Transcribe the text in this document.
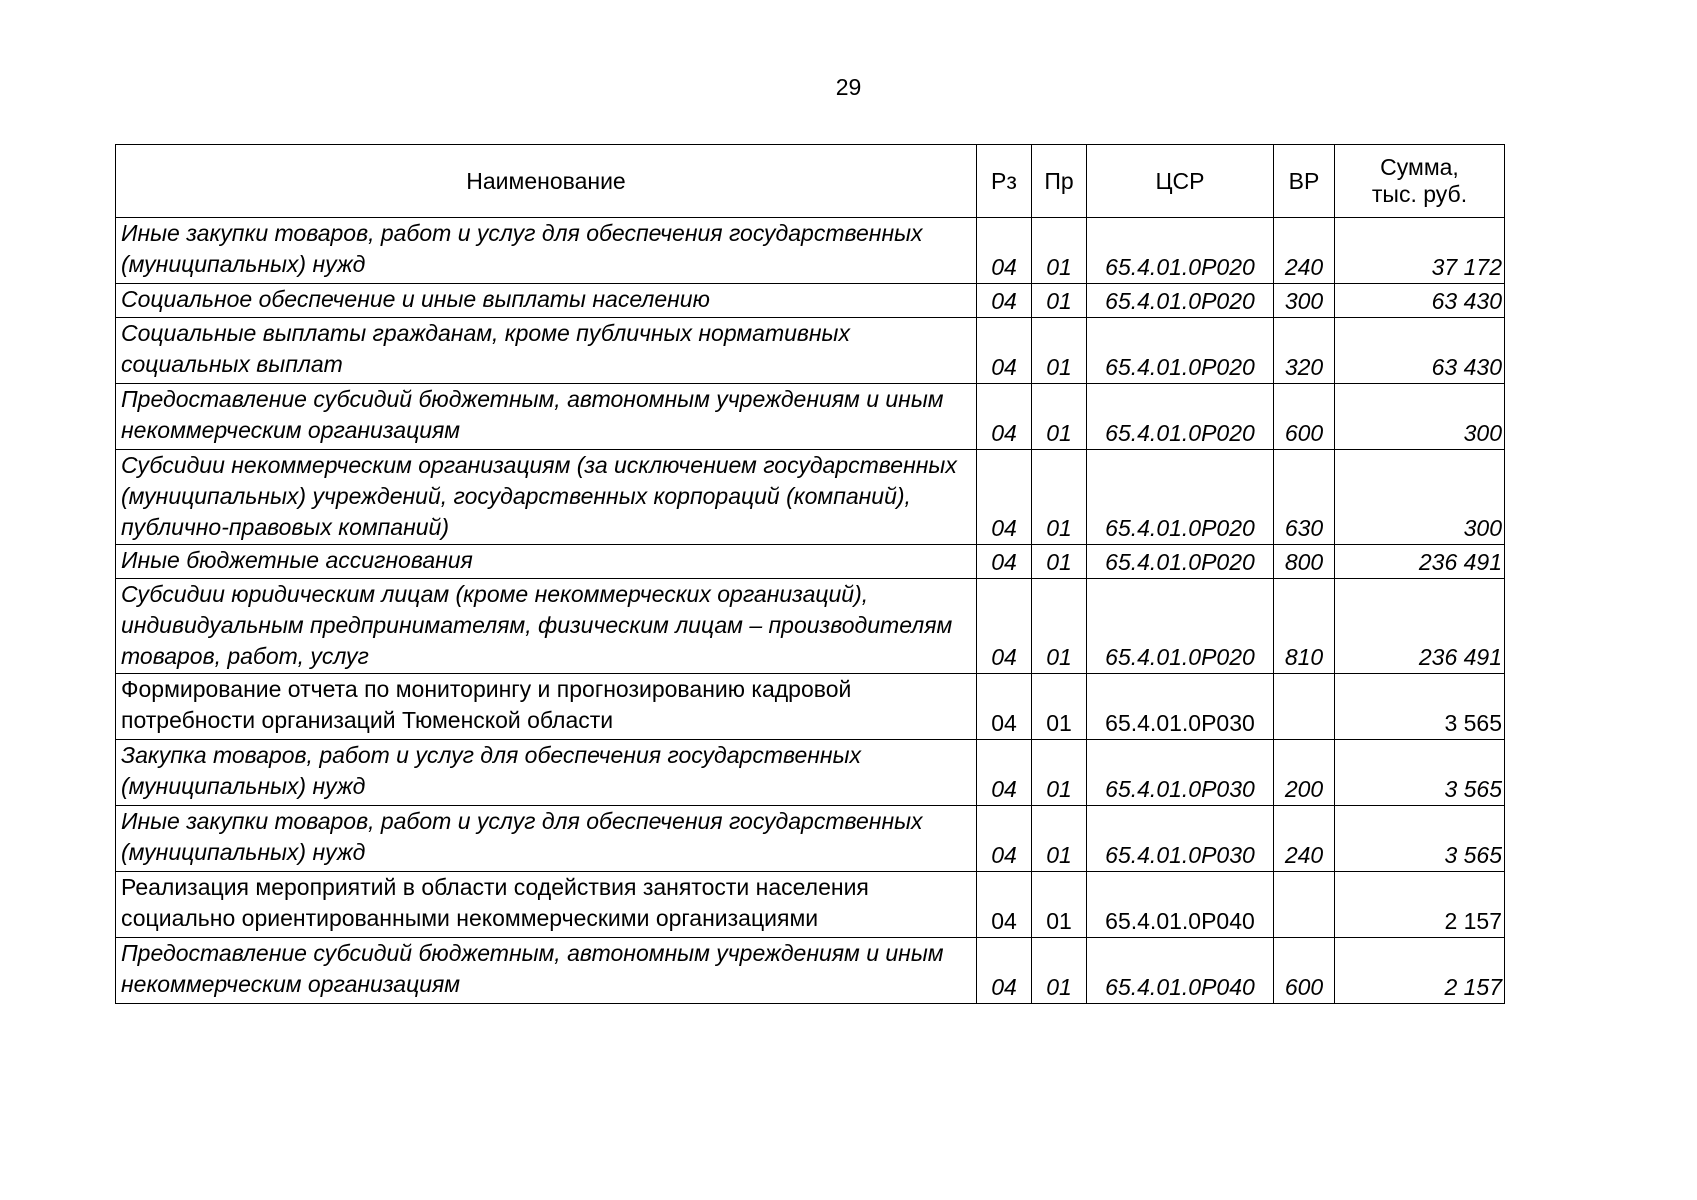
29
Наименование	Рз	Пр	ЦСР	ВР	Сумма,
тыс. руб.
Иные закупки товаров, работ и услуг для обеспечения государственных (муниципальных) нужд	04	01	65.4.01.0Р020	240	37 172
Социальное обеспечение и иные выплаты населению	04	01	65.4.01.0Р020	300	63 430
Социальные выплаты гражданам, кроме публичных нормативных социальных выплат	04	01	65.4.01.0Р020	320	63 430
Предоставление субсидий бюджетным, автономным учреждениям и иным некоммерческим организациям	04	01	65.4.01.0Р020	600	300
Субсидии некоммерческим организациям (за исключением государственных (муниципальных) учреждений, государственных корпораций (компаний), публично-правовых компаний)	04	01	65.4.01.0Р020	630	300
Иные бюджетные ассигнования	04	01	65.4.01.0Р020	800	236 491
Субсидии юридическим лицам (кроме некоммерческих организаций), индивидуальным предпринимателям, физическим лицам – производителям товаров, работ, услуг	04	01	65.4.01.0Р020	810	236 491
Формирование отчета по мониторингу и прогнозированию кадровой потребности организаций Тюменской области	04	01	65.4.01.0Р030		3 565
Закупка товаров, работ и услуг для обеспечения государственных (муниципальных) нужд	04	01	65.4.01.0Р030	200	3 565
Иные закупки товаров, работ и услуг для обеспечения государственных (муниципальных) нужд	04	01	65.4.01.0Р030	240	3 565
Реализация мероприятий в области содействия занятости населения социально ориентированными некоммерческими организациями	04	01	65.4.01.0Р040		2 157
Предоставление субсидий бюджетным, автономным учреждениям и иным некоммерческим организациям	04	01	65.4.01.0Р040	600	2 157
